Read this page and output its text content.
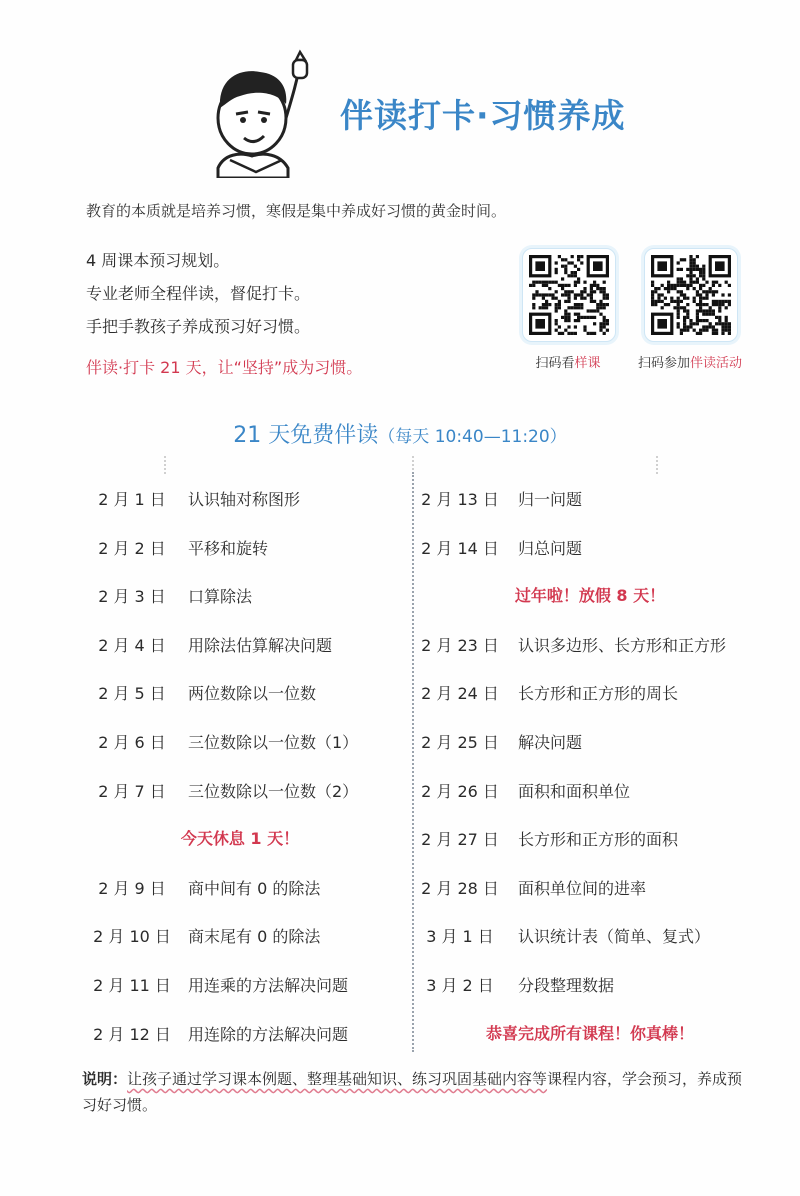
伴读打卡·习惯养成
教育的本质就是培养习惯，寒假是集中养成好习惯的黄金时间。
4 周课本预习规划。
专业老师全程伴读，督促打卡。
手把手教孩子养成预习好习惯。
伴读·打卡 21 天，让“坚持”成为习惯。	扫码看样课	扫码参加伴读活动
21 天免费伴读（每天 10:40—11:20）
2 月 1 日	认识轴对称图形
2 月 2 日	平移和旋转
2 月 3 日	口算除法
2 月 4 日	用除法估算解决问题
2 月 5 日	两位数除以一位数
2 月 6 日	三位数除以一位数（1）
2 月 7 日	三位数除以一位数（2）
今天休息 1 天！
2 月 9 日	商中间有 0 的除法
2 月 10 日	商末尾有 0 的除法
2 月 11 日	用连乘的方法解决问题
2 月 12 日	用连除的方法解决问题
2 月 13 日	归一问题
2 月 14 日	归总问题
过年啦！放假 8 天！
2 月 23 日	认识多边形、长方形和正方形
2 月 24 日	长方形和正方形的周长
2 月 25 日	解决问题
2 月 26 日	面积和面积单位
2 月 27 日	长方形和正方形的面积
2 月 28 日	面积单位间的进率
3 月 1 日	认识统计表（简单、复式）
3 月 2 日	分段整理数据
恭喜完成所有课程！你真棒！
说明：让孩子通过学习课本例题、整理基础知识、练习巩固基础内容等课程内容，学会预习，养成预习好习惯。
